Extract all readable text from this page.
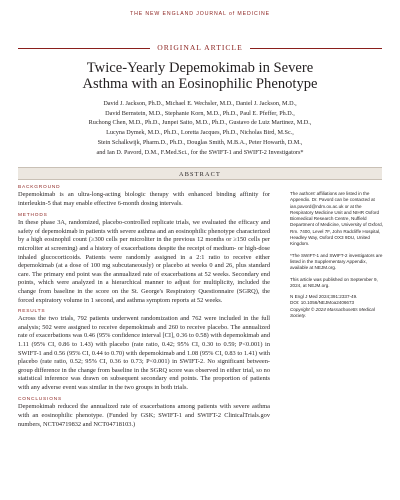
THE NEW ENGLAND JOURNAL of MEDICINE
ORIGINAL ARTICLE
Twice-Yearly Depemokimab in Severe
Asthma with an Eosinophilic Phenotype
David J. Jackson, Ph.D., Michael E. Wechsler, M.D., Daniel J. Jackson, M.D.,
David Bernstein, M.D., Stephanie Korn, M.D., Ph.D., Paul E. Pfeffer, Ph.D.,
Ruchong Chen, M.D., Ph.D., Junpei Saito, M.D., Ph.D., Gustavo de Luiz Martinez, M.D.,
Lucyna Dymek, M.D., Ph.D., Loretta Jacques, Ph.D., Nicholas Bird, M.Sc.,
Stein Schalkwijk, Pharm.D., Ph.D., Douglas Smith, M.B.A., Peter Howarth, D.M.,
and Ian D. Pavord, D.M., F.Med.Sci., for the SWIFT-1 and SWIFT-2 Investigators*
ABSTRACT
BACKGROUND
Depemokimab is an ultra-long-acting biologic therapy with enhanced binding affinity for interleukin-5 that may enable effective 6-month dosing intervals.
METHODS
In these phase 3A, randomized, placebo-controlled replicate trials, we evaluated the efficacy and safety of depemokimab in patients with severe asthma and an eosinophilic phenotype characterized by a high eosinophil count (≥300 cells per microliter in the previous 12 months or ≥150 cells per microliter at screening) and a history of exacerbations despite the receipt of medium- or high-dose inhaled glucocorticoids. Patients were randomly assigned in a 2:1 ratio to receive either depemokimab (at a dose of 100 mg subcutaneously) or placebo at weeks 0 and 26, plus standard care. The primary end point was the annualized rate of exacerbations at 52 weeks. Secondary end points, which were analyzed in a hierarchical manner to adjust for multiplicity, included the change from baseline in the score on the St. George's Respiratory Questionnaire (SGRQ), the forced expiratory volume in 1 second, and asthma symptom reports at 52 weeks.
RESULTS
Across the two trials, 792 patients underwent randomization and 762 were included in the full analysis; 502 were assigned to receive depemokimab and 260 to receive placebo. The annualized rate of exacerbations was 0.46 (95% confidence interval [CI], 0.36 to 0.58) with depemokimab and 1.11 (95% CI, 0.86 to 1.43) with placebo (rate ratio, 0.42; 95% CI, 0.30 to 0.59; P<0.001) in SWIFT-1 and 0.56 (95% CI, 0.44 to 0.70) with depemokimab and 1.08 (95% CI, 0.83 to 1.41) with placebo (rate ratio, 0.52; 95% CI, 0.36 to 0.73; P<0.001) in SWIFT-2. No significant between-group difference in the change from baseline in the SGRQ score was observed in either trial, so no statistical inference was drawn on subsequent secondary end points. The proportion of patients with any adverse event was similar in the two groups in both trials.
CONCLUSIONS
Depemokimab reduced the annualized rate of exacerbations among patients with severe asthma with an eosinophilic phenotype. (Funded by GSK; SWIFT-1 and SWIFT-2 ClinicalTrials.gov numbers, NCT04719832 and NCT04718103.)
The authors' affiliations are listed in the Appendix. Dr. Pavord can be contacted at ian.pavord@ndm.ox.ac.uk or at the Respiratory Medicine Unit and NIHR Oxford Biomedical Research Centre, Nuffield Department of Medicine, University of Oxford, Rm. 7400, Level 7F, John Radcliffe Hospital, Headley Way, Oxford OX3 9DU, United Kingdom.
*The SWIFT-1 and SWIFT-2 investigators are listed in the Supplementary Appendix, available at NEJM.org.
This article was published on September 9, 2024, at NEJM.org.
N Engl J Med 2024;391:2337-49.
DOI: 10.1056/NEJMoa2406673
Copyright © 2024 Massachusetts Medical Society.
